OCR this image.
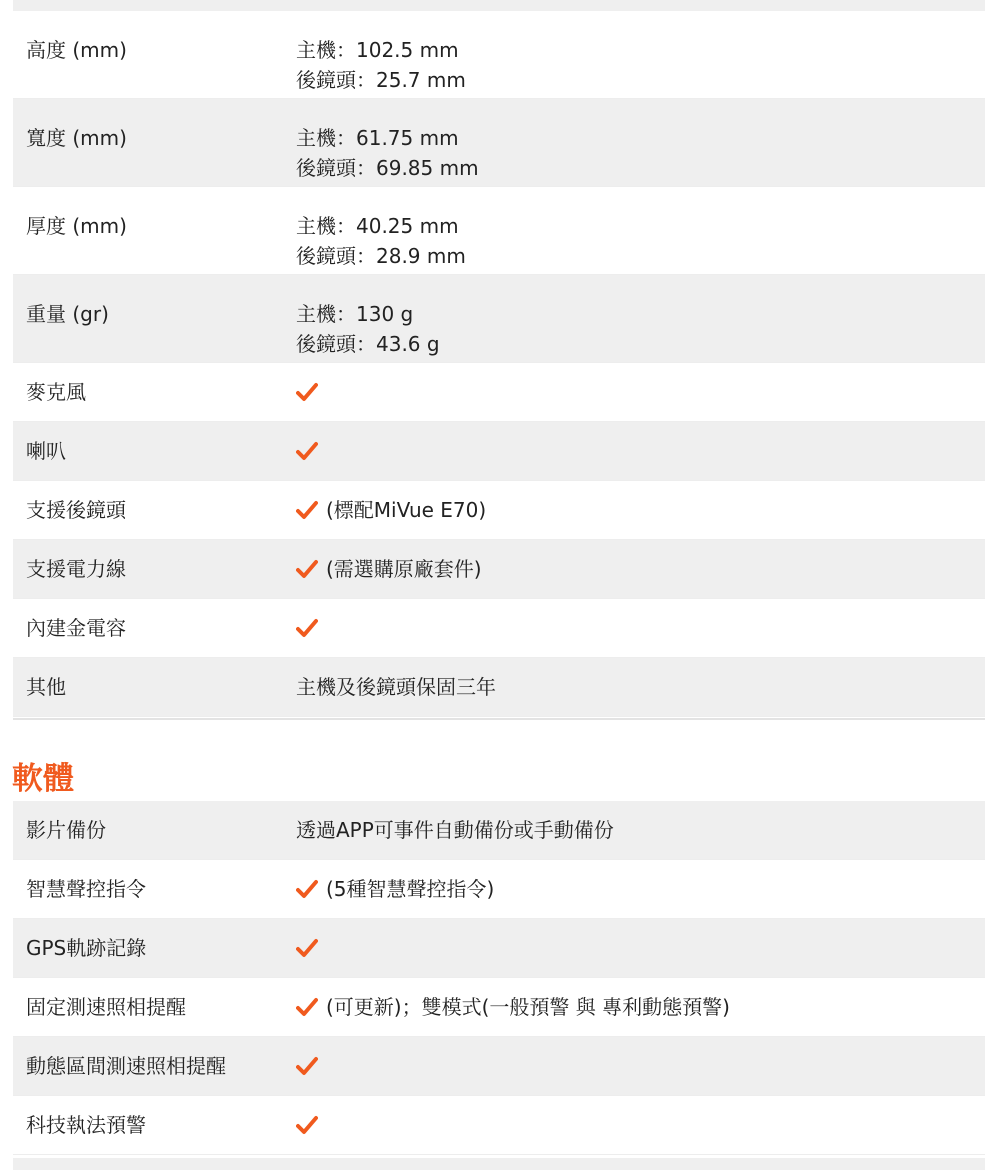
高度 (mm)	主機：102.5 mm
後鏡頭：25.7 mm
寬度 (mm)	主機：61.75 mm
後鏡頭：69.85 mm
厚度 (mm)	主機：40.25 mm
後鏡頭：28.9 mm
重量 (gr)	主機：130 g
後鏡頭：43.6 g
麥克風
喇叭
支援後鏡頭	(標配MiVue E70)
支援電力線	(需選購原廠套件)
內建金電容
其他	主機及後鏡頭保固三年
軟體
影片備份	透過APP可事件自動備份或手動備份
智慧聲控指令	(5種智慧聲控指令)
GPS軌跡記錄
固定測速照相提醒	(可更新)；雙模式(一般預警 與 專利動態預警)
動態區間測速照相提醒
科技執法預警
